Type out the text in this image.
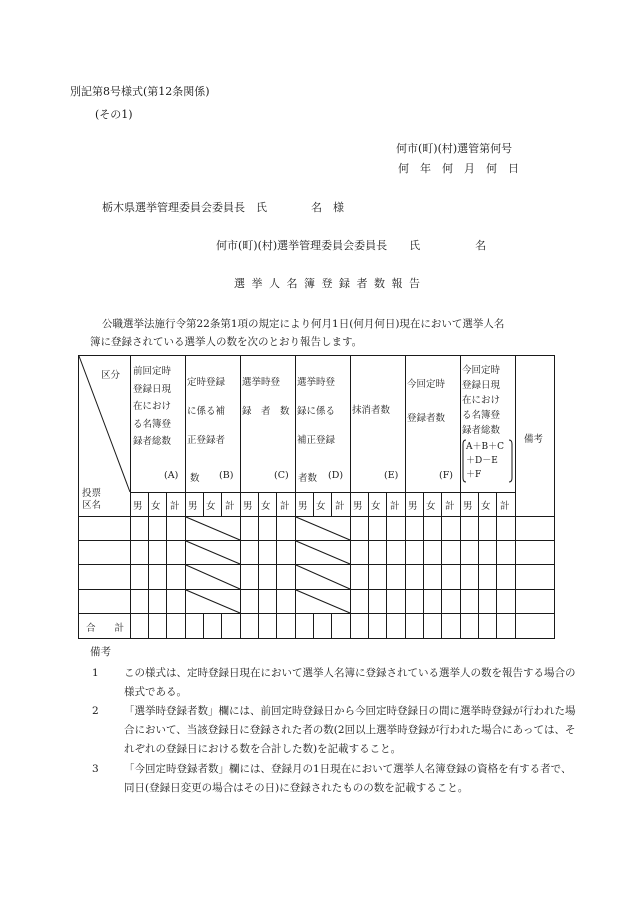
別記第8号様式(第12条関係)
(その1)
何市(町)(村)選管第何号
何　年　何　月　何　日
栃木県選挙管理委員会委員長　氏　　　　名　様
何市(町)(村)選挙管理委員会委員長　　氏　　　　　名
選挙人名簿登録者数報告
公職選挙法施行令第22条第1項の規定により何月1日(何月何日)現在において選挙人名
簿に登録されている選挙人の数を次のとおり報告します。
区分
投票
区名
前回定時
登録日現
在におけ
る名簿登
録者総数
(A)
定時登録
に係る補
正登録者
数 (B)
選挙時登
録　者　数
(C)
選挙時登
録に係る
補正登録
者数 (D)
抹消者数
(E)
今回定時
登録者数
(F)
今回定時
登録日現
在におけ
る名簿登
録者総数
A＋B＋C
＋D－E
＋F
備考
男 女 計 男 女 計 男 女 計 男 女 計 男 女 計 男 女 計 男 女 計
合　　計
備考
1 この様式は、定時登録日現在において選挙人名簿に登録されている選挙人の数を報告する場合の様式である。
2 「選挙時登録者数」欄には、前回定時登録日から今回定時登録日の間に選挙時登録が行われた場合において、当該登録日に登録された者の数(2回以上選挙時登録が行われた場合にあっては、それぞれの登録日における数を合計した数)を記載すること。
3 「今回定時登録者数」欄には、登録月の1日現在において選挙人名簿登録の資格を有する者で、同日(登録日変更の場合はその日)に登録されたものの数を記載すること。
